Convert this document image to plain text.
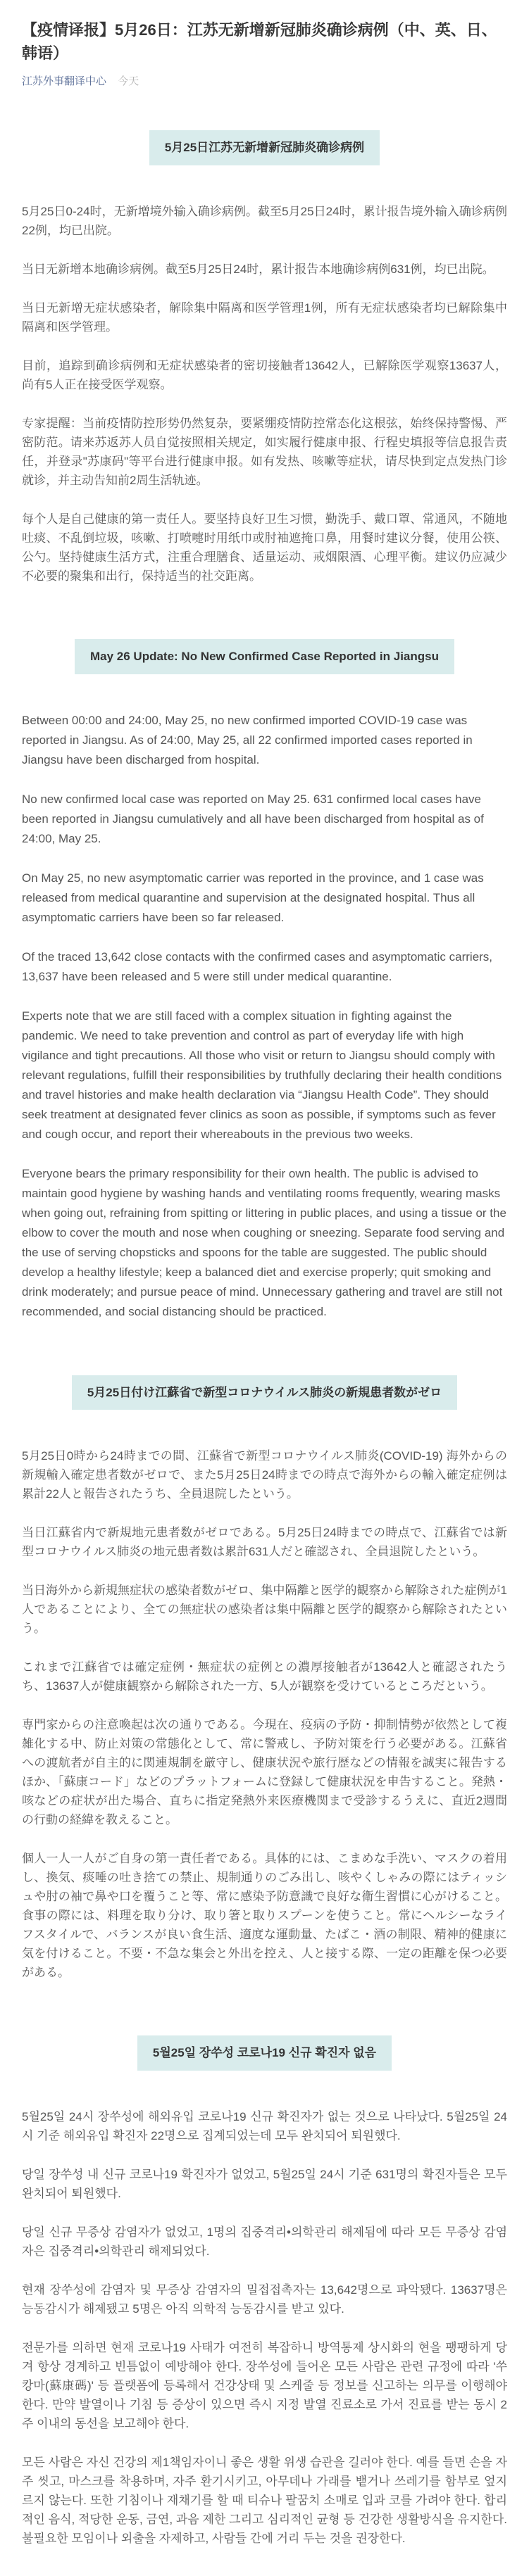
【疫情译报】5月26日：江苏无新增新冠肺炎确诊病例（中、英、日、韩语）
江苏外事翻译中心 今天
5月25日江苏无新增新冠肺炎确诊病例

5月25日0-24时，无新增境外输入确诊病例。截至5月25日24时，累计报告境外输入确诊病例22例，均已出院。

当日无新增本地确诊病例。截至5月25日24时，累计报告本地确诊病例631例，均已出院。

当日无新增无症状感染者，解除集中隔离和医学管理1例，所有无症状感染者均已解除集中隔离和医学管理。

目前，追踪到确诊病例和无症状感染者的密切接触者13642人，已解除医学观察13637人，尚有5人正在接受医学观察。

专家提醒：当前疫情防控形势仍然复杂，要紧绷疫情防控常态化这根弦，始终保持警惕、严密防范。请来苏返苏人员自觉按照相关规定，如实履行健康申报、行程史填报等信息报告责任，并登录"苏康码"等平台进行健康申报。如有发热、咳嗽等症状，请尽快到定点发热门诊就诊，并主动告知前2周生活轨迹。

每个人是自己健康的第一责任人。要坚持良好卫生习惯，勤洗手、戴口罩、常通风，不随地吐痰、不乱倒垃圾，咳嗽、打喷嚏时用纸巾或肘袖遮掩口鼻，用餐时建议分餐，使用公筷、公勺。坚持健康生活方式，注重合理膳食、适量运动、戒烟限酒、心理平衡。建议仍应减少不必要的聚集和出行，保持适当的社交距离。

May 26 Update: No New Confirmed Case Reported in Jiangsu

Between 00:00 and 24:00, May 25, no new confirmed imported COVID-19 case was reported in Jiangsu. As of 24:00, May 25, all 22 confirmed imported cases reported in Jiangsu have been discharged from hospital.

No new confirmed local case was reported on May 25. 631 confirmed local cases have been reported in Jiangsu cumulatively and all have been discharged from hospital as of 24:00, May 25.

On May 25, no new asymptomatic carrier was reported in the province, and 1 case was released from medical quarantine and supervision at the designated hospital. Thus all asymptomatic carriers have been so far released.

Of the traced 13,642 close contacts with the confirmed cases and asymptomatic carriers, 13,637 have been released and 5 were still under medical quarantine.

Experts note that we are still faced with a complex situation in fighting against the pandemic. We need to take prevention and control as part of everyday life with high vigilance and tight precautions. All those who visit or return to Jiangsu should comply with relevant regulations, fulfill their responsibilities by truthfully declaring their health conditions and travel histories and make health declaration via “Jiangsu Health Code”. They should seek treatment at designated fever clinics as soon as possible, if symptoms such as fever and cough occur, and report their whereabouts in the previous two weeks.

Everyone bears the primary responsibility for their own health. The public is advised to maintain good hygiene by washing hands and ventilating rooms frequently, wearing masks when going out, refraining from spitting or littering in public places, and using a tissue or the elbow to cover the mouth and nose when coughing or sneezing. Separate food serving and the use of serving chopsticks and spoons for the table are suggested. The public should develop a healthy lifestyle; keep a balanced diet and exercise properly; quit smoking and drink moderately; and pursue peace of mind. Unnecessary gathering and travel are still not recommended, and social distancing should be practiced.

5月25日付け江蘇省で新型コロナウイルス肺炎の新規患者数がゼロ

5月25日0時から24時までの間、江蘇省で新型コロナウイルス肺炎(COVID-19) 海外からの新規輸入確定患者数がゼロで、また5月25日24時までの時点で海外からの輸入確定症例は累計22人と報告されたうち、全員退院したという。

当日江蘇省内で新規地元患者数がゼロである。5月25日24時までの時点で、江蘇省では新型コロナウイルス肺炎の地元患者数は累計631人だと確認され、全員退院したという。

当日海外から新規無症状の感染者数がゼロ、集中隔離と医学的観察から解除された症例が1人であることにより、全ての無症状の感染者は集中隔離と医学的観察から解除されたという。

これまで江蘇省では確定症例・無症状の症例との濃厚接触者が13642人と確認されたうち、13637人が健康観察から解除された一方、5人が観察を受けているところだという。

専門家からの注意喚起は次の通りである。今現在、疫病の予防・抑制情勢が依然として複雑化する中、防止対策の常態化として、常に警戒し、予防対策を行う必要がある。江蘇省への渡航者が自主的に関連規制を厳守し、健康状況や旅行歴などの情報を誠実に報告するほか、「蘇康コード」などのプラットフォームに登録して健康状況を申告すること。発熱・咳などの症状が出た場合、直ちに指定発熱外来医療機関まで受診するうえに、直近2週間の行動の経緯を教えること。

個人一人一人がご自身の第一責任者である。具体的には、こまめな手洗い、マスクの着用し、換気、痰唾の吐き捨ての禁止、規制通りのごみ出し、咳やくしゃみの際にはティッシュや肘の袖で鼻や口を覆うこと等、常に感染予防意識で良好な衛生習慣に心がけること。食事の際には、料理を取り分け、取り箸と取りスプーンを使うこと。常にヘルシーなライフスタイルで、バランスが良い食生活、適度な運動量、たばこ・酒の制限、精神的健康に気を付けること。不要・不急な集会と外出を控え、人と接する際、一定の距離を保つ必要がある。

5월25일 장쑤성 코로나19 신규 확진자 없음

5월25일 24시 장쑤성에 해외유입 코로나19 신규 확진자가 없는 것으로 나타났다. 5월25일 24시 기준 해외유입 확진자 22명으로 집계되었는데 모두 완치되어 퇴원했다.

당일 장쑤성 내 신규 코로나19 확진자가 없었고, 5월25일 24시 기준 631명의 확진자들은 모두 완치되어 퇴원했다.

당일 신규 무증상 감염자가 없었고, 1명의 집중격리•의학관리 해제됨에 따라 모든 무증상 감염자은 집중격리•의학관리 해제되었다.

현재 장쑤성에 감염자 및 무증상 감염자의 밀접접촉자는 13,642명으로 파악됐다. 13637명은 능동감시가 해제됐고 5명은 아직 의학적 능동감시를 받고 있다.

전문가를 의하면 현재 코로나19 사태가 여전히 복잡하니 방역통제 상시화의 현을 팽팽하게 당겨 항상 경계하고 빈틈없이 예방해야 한다. 장쑤성에 들어온 모든 사람은 관련 규정에 따라 '쑤캉마(蘇康碼)' 등 플랫폼에 등록해서 건강상태 및 스케줄 등 정보를 신고하는 의무를 이행해야 한다. 만약 발열이나 기침 등 증상이 있으면 즉시 지정 발열 진료소로 가서 진료를 받는 동시 2주 이내의 동선을 보고해야 한다.

모든 사람은 자신 건강의 제1책임자이니 좋은 생활 위생 습관을 길러야 한다. 예를 들면 손을 자주 씻고, 마스크를 착용하며, 자주 환기시키고, 아무데나 가래를 뱉거나 쓰레기를 함부로 엎지르지 않는다. 또한 기침이나 재채기를 할 때 티슈나 팔꿈치 소매로 입과 코를 가려야 한다. 합리적인 음식, 적당한 운동, 금연, 과음 제한 그리고 심리적인 균형 등 건강한 생활방식을 유지한다. 불필요한 모임이나 외출을 자제하고, 사람들 간에 거리 두는 것을 권장한다.
